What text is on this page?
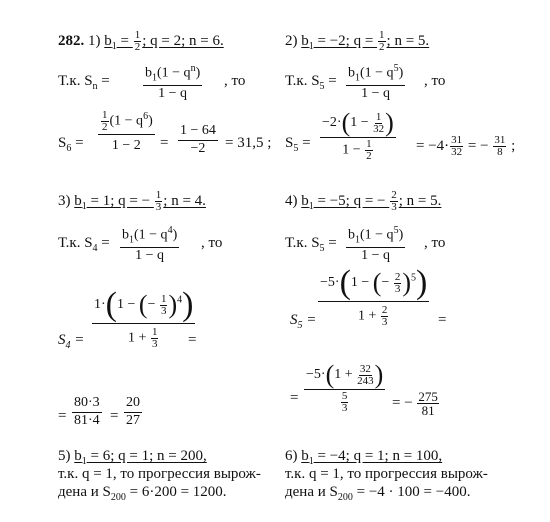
282. 1) $b_1 = \frac{1}{2}$ ; q = 2; n = 6.
Т.к. $S_n = \frac{b_1(1 - q^n)}{1 - q}$ , то
$S_6 = \frac{\frac{1}{2} (1 - q^6)}{1 - 2} = \frac{1 - 64}{-2} = 31,5$ ;
2) $b_1 = -2$; $q = \frac{1}{2}$ ; n = 5.
Т.к. $S_5 = \frac{b_1(1 - q^5)}{1 - q}$ , то
$S_5 = \frac{-2\cdot(1 - \frac{1}{32} )}{1 - \frac{1}{2}} = -4\cdot \frac{31}{32}$ = − $\frac{31}{8}$ ;
3) $b_1 = 1$; q = − $\frac{1}{3}$ ; n = 4.
Т.к. $S_4 = \frac{b_1(1 - q^4)}{1 - q}$ , то
$S_4 = \frac{1\cdot(1 - (- \frac{1}{3} )^4)}{1 + \frac{1}{3}}$
=
= $\frac{80\cdot 3}{81\cdot 4} = \frac{20}{27}$
4) $b_1 = -5$; q = − $\frac{2}{3}$ ; n = 5.
Т.к. $S_5 = \frac{b_1(1 - q^5)}{1 - q}$ , то
$S_5 = \frac{-5\cdot(1 - (- \frac{2}{3} )^5)}{1 + \frac{2}{3}}$ =
= $\frac{-5\cdot(1 + \frac{32}{243} )}{\frac{5}{3}}$ = − $\frac{275}{81}$
5) $b_1 = 6$; q = 1; n = 200,
т.к. q = 1, то прогрессия вырож-
дена и $S_{200} = 6\cdot 200 = 1200$.
6) $b_1 = -4$; q = 1; n = 100,
т.к. q = 1, то прогрессия вырож-
дена и $S_{200} = -4 \cdot 100 = -400$.
